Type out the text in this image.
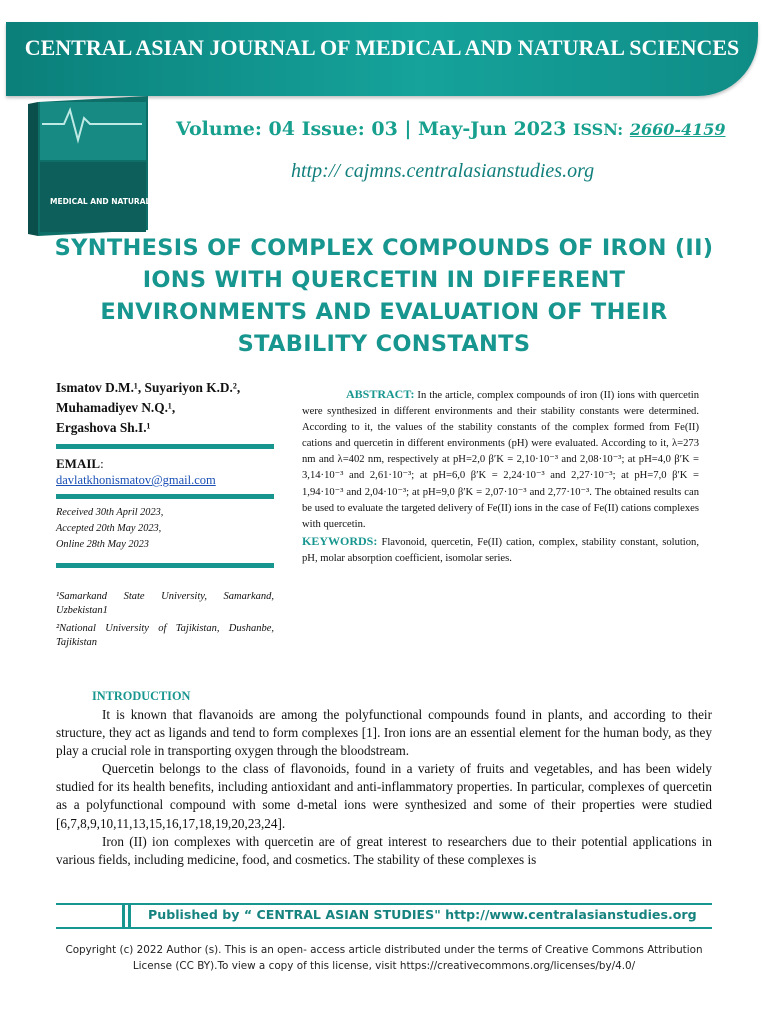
CENTRAL ASIAN JOURNAL OF MEDICAL AND NATURAL SCIENCES
MEDICAL AND NATURAL SCIENCES
Volume: 04 Issue: 03 | May-Jun 2023 ISSN: 2660-4159
http:// cajmns.centralasianstudies.org
SYNTHESIS OF COMPLEX COMPOUNDS OF IRON (II) IONS WITH QUERCETIN IN DIFFERENT ENVIRONMENTS AND EVALUATION OF THEIR STABILITY CONSTANTS
Ismatov D.M.¹, Suyariyon K.D.²,
Muhamadiyev N.Q.¹,
Ergashova Sh.I.¹
EMAIL:
davlatkhonismatov@gmail.com
Received 30th April 2023,
Accepted 20th May 2023,
Online 28th May 2023
¹Samarkand State University, Samarkand, Uzbekistan1
²National University of Tajikistan, Dushanbe, Tajikistan
ABSTRACT: In the article, complex compounds of iron (II) ions with quercetin were synthesized in different environments and their stability constants were determined. According to it, the values of the stability constants of the complex formed from Fe(II) cations and quercetin in different environments (pH) were evaluated. According to it, λ=273 nm and λ=402 nm, respectively at pH=2,0 β′K = 2,10·10⁻³ and 2,08·10⁻³; at pH=4,0 β′K = 3,14·10⁻³ and 2,61·10⁻³; at pH=6,0 β′K = 2,24·10⁻³ and 2,27·10⁻³; at pH=7,0 β′K = 1,94·10⁻³ and 2,04·10⁻³; at pH=9,0 β′K = 2,07·10⁻³ and 2,77·10⁻³. The obtained results can be used to evaluate the targeted delivery of Fe(II) ions in the case of Fe(II) cations complexes with quercetin.
KEYWORDS: Flavonoid, quercetin, Fe(II) cation, complex, stability constant, solution, pH, molar absorption coefficient, isomolar series.
INTRODUCTION

It is known that flavanoids are among the polyfunctional compounds found in plants, and according to their structure, they act as ligands and tend to form complexes [1]. Iron ions are an essential element for the human body, as they play a crucial role in transporting oxygen through the bloodstream.

Quercetin belongs to the class of flavonoids, found in a variety of fruits and vegetables, and has been widely studied for its health benefits, including antioxidant and anti-inflammatory properties. In particular, complexes of quercetin as a polyfunctional compound with some d-metal ions were synthesized and some of their properties were studied [6,7,8,9,10,11,13,15,16,17,18,19,20,23,24].

Iron (II) ion complexes with quercetin are of great interest to researchers due to their potential applications in various fields, including medicine, food, and cosmetics. The stability of these complexes is

Published by “ CENTRAL ASIAN STUDIES" http://www.centralasianstudies.org
Copyright (c) 2022 Author (s). This is an open- access article distributed under the terms of Creative Commons Attribution License (CC BY).To view a copy of this license, visit https://creativecommons.org/licenses/by/4.0/
